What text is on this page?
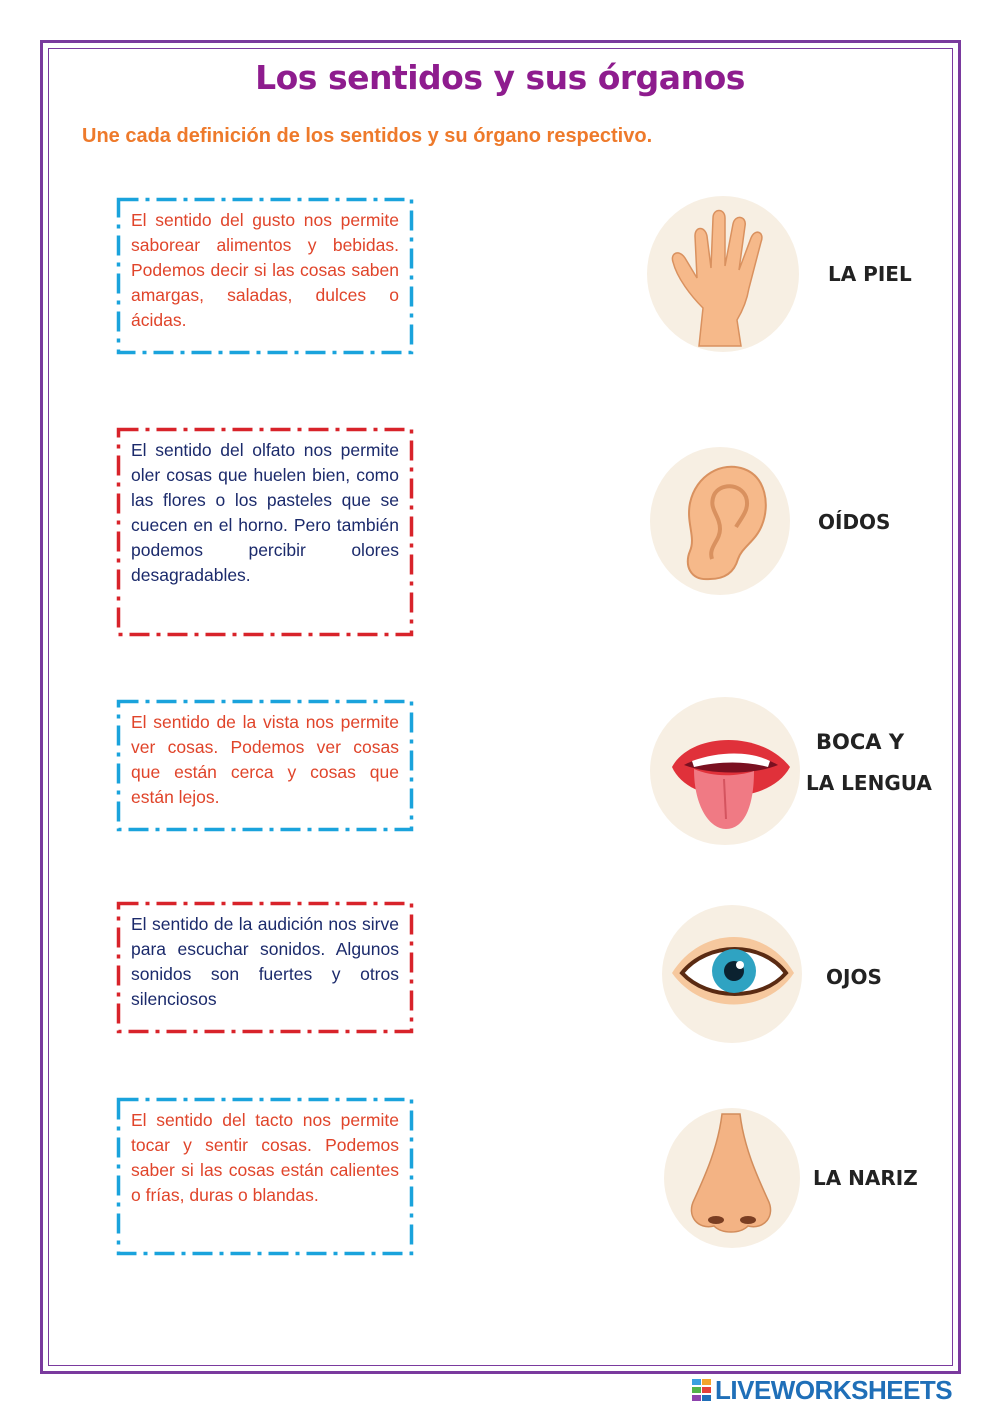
Los sentidos y sus órganos
Une cada definición de los sentidos y su órgano respectivo.
El sentido del gusto nos permite saborear alimentos y bebidas. Podemos decir si las cosas saben amargas, saladas, dulces o ácidas.
El sentido del olfato nos permite oler cosas que huelen bien, como las flores o los pasteles que se cuecen en el horno. Pero también podemos percibir olores desagradables.
El sentido de la vista nos permite ver cosas. Podemos ver cosas que están cerca y cosas que están lejos.
El sentido de la audición nos sirve para escuchar sonidos. Algunos sonidos son fuertes y otros silenciosos
El sentido del tacto nos permite tocar y sentir cosas. Podemos saber si las cosas están calientes o frías, duras o blandas.
LA PIEL
OÍDOS
BOCA Y
LA LENGUA
OJOS
LA NARIZ
LIVEWORKSHEETS
